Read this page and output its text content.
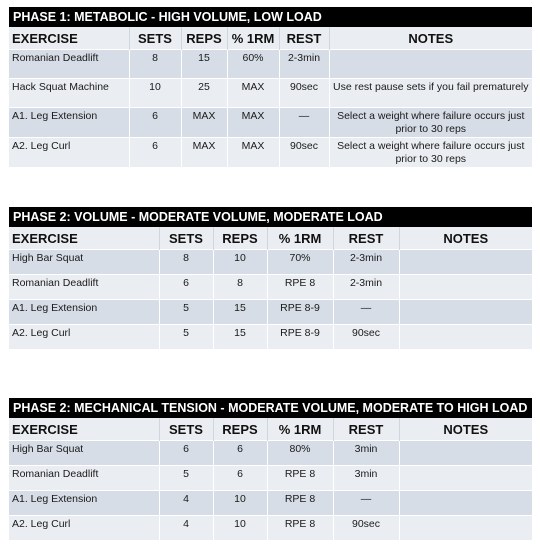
PHASE 1: METABOLIC - HIGH VOLUME, LOW LOAD
EXERCISE	SETS	REPS	% 1RM	REST	NOTES
Romanian Deadlift	8	15	60%	2-3min	
Hack Squat Machine	10	25	MAX	90sec	Use rest pause sets if you fail prematurely
A1. Leg Extension	6	MAX	MAX	—	Select a weight where failure occurs just prior to 30 reps
A2. Leg Curl	6	MAX	MAX	90sec	Select a weight where failure occurs just prior to 30 reps
PHASE 2: VOLUME - MODERATE VOLUME, MODERATE LOAD
EXERCISE	SETS	REPS	% 1RM	REST	NOTES
High Bar Squat	8	10	70%	2-3min	
Romanian Deadlift	6	8	RPE 8	2-3min	
A1. Leg Extension	5	15	RPE 8-9	—	
A2. Leg Curl	5	15	RPE 8-9	90sec	
PHASE 2: MECHANICAL TENSION - MODERATE VOLUME, MODERATE TO HIGH LOAD
EXERCISE	SETS	REPS	% 1RM	REST	NOTES
High Bar Squat	6	6	80%	3min	
Romanian Deadlift	5	6	RPE 8	3min	
A1. Leg Extension	4	10	RPE 8	—	
A2. Leg Curl	4	10	RPE 8	90sec	
